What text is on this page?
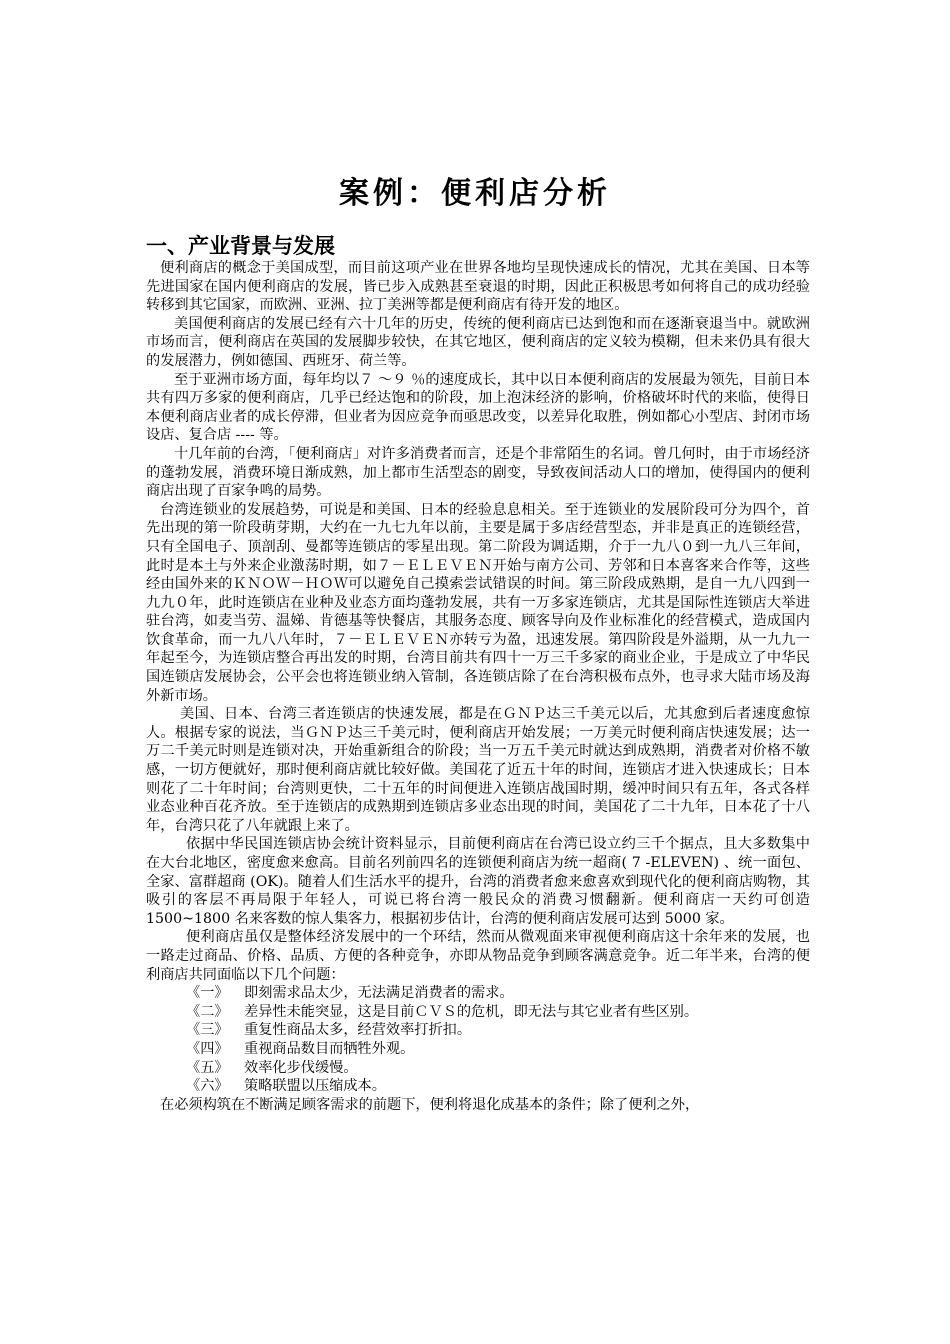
案例：便利店分析
一、产业背景与发展

便利商店的概念于美国成型，而目前这项产业在世界各地均呈现快速成长的情况，尤其在美国、日本等先进国家在国内便利商店的发展，皆已步入成熟甚至衰退的时期，因此正积极思考如何将自己的成功经验转移到其它国家，而欧洲、亚洲、拉丁美洲等都是便利商店有待开发的地区。

美国便利商店的发展已经有六十几年的历史，传统的便利商店已达到饱和而在逐渐衰退当中。就欧洲市场而言，便利商店在英国的发展脚步较快，在其它地区，便利商店的定义较为模糊，但未来仍具有很大的发展潜力，例如德国、西班牙、荷兰等。

至于亚洲市场方面，每年均以７ ～９ ％的速度成长，其中以日本便利商店的发展最为领先，目前日本共有四万多家的便利商店，几乎已经达饱和的阶段，加上泡沫经济的影响，价格破坏时代的来临，使得日本便利商店业者的成长停滞，但业者为因应竞争而亟思改变，以差异化取胜，例如都心小型店、封闭市场设店、复合店 ---- 等。

十几年前的台湾，「便利商店」对许多消费者而言，还是个非常陌生的名词。曾几何时，由于市场经济的蓬勃发展，消费环境日渐成熟，加上都市生活型态的剧变，导致夜间活动人口的增加，使得国内的便利商店出现了百家争鸣的局势。

台湾连锁业的发展趋势，可说是和美国、日本的经验息息相关。至于连锁业的发展阶段可分为四个，首先出现的第一阶段萌芽期，大约在一九七九年以前，主要是属于多店经营型态，并非是真正的连锁经营，只有全国电子、顶剖刮、曼都等连锁店的零星出现。第二阶段为调适期，介于一九八０到一九八三年间，此时是本土与外来企业激荡时期，如７－ＥＬＥＶＥＮ开始与南方公司、芳邻和日本喜客来合作等，这些经由国外来的ＫＮＯＷ－ＨＯＷ可以避免自己摸索尝试错误的时间。第三阶段成熟期，是自一九八四到一九九０年，此时连锁店在业种及业态方面均蓬勃发展，共有一万多家连锁店，尤其是国际性连锁店大举进驻台湾，如麦当劳、温娣、肯德基等快餐店，其服务态度、顾客导向及作业标准化的经营模式，造成国内饮食革命，而一九八八年时，７－ＥＬＥＶＥＮ亦转亏为盈，迅速发展。第四阶段是外溢期，从一九九一年起至今，为连锁店整合再出发的时期，台湾目前共有四十一万三千多家的商业企业，于是成立了中华民国连锁店发展协会，公平会也将连锁业纳入管制，各连锁店除了在台湾积极布点外，也寻求大陆市场及海外新市场。

美国、日本、台湾三者连锁店的快速发展，都是在ＧＮＰ达三千美元以后，尤其愈到后者速度愈惊人。根据专家的说法，当ＧＮＰ达三千美元时，便利商店开始发展；一万美元时便利商店快速发展；达一万二千美元时则是连锁对决，开始重新组合的阶段；当一万五千美元时就达到成熟期，消费者对价格不敏感，一切方便就好，那时便利商店就比较好做。美国花了近五十年的时间，连锁店才进入快速成长；日本则花了二十年时间；台湾则更快，二十五年的时间便进入连锁店战国时期，缓冲时间只有五年，各式各样业态业种百花齐放。至于连锁店的成熟期到连锁店多业态出现的时间，美国花了二十九年，日本花了十八年，台湾只花了八年就跟上来了。

依据中华民国连锁店协会统计资料显示，目前便利商店在台湾已设立约三千个据点，且大多数集中在大台北地区，密度愈来愈高。目前名列前四名的连锁便利商店为统一超商( 7 -ELEVEN) 、统一面包、全家、富群超商 (OK)。随着人们生活水平的提升，台湾的消费者愈来愈喜欢到现代化的便利商店购物，其吸引的客层不再局限于年轻人，可说已将台湾一般民众的消费习惯翻新。便利商店一天约可创造 1500~1800 名来客数的惊人集客力，根据初步估计，台湾的便利商店发展可达到 5000 家。

便利商店虽仅是整体经济发展中的一个环结，然而从微观面来审视便利商店这十余年来的发展，也一路走过商品、价格、品质、方便的各种竞争，亦即从物品竞争到顾客满意竞争。近二年半来，台湾的便利商店共同面临以下几个问题：

《一》	即刻需求品太少，无法满足消费者的需求。
《二》	差异性未能突显，这是目前ＣＶＳ的危机，即无法与其它业者有些区别。
《三》	重复性商品太多，经营效率打折扣。
《四》	重视商品数目而牺牲外观。
《五》	效率化步伐缓慢。
《六》	策略联盟以压缩成本。

在必须构筑在不断满足顾客需求的前题下，便利将退化成基本的条件；除了便利之外，
